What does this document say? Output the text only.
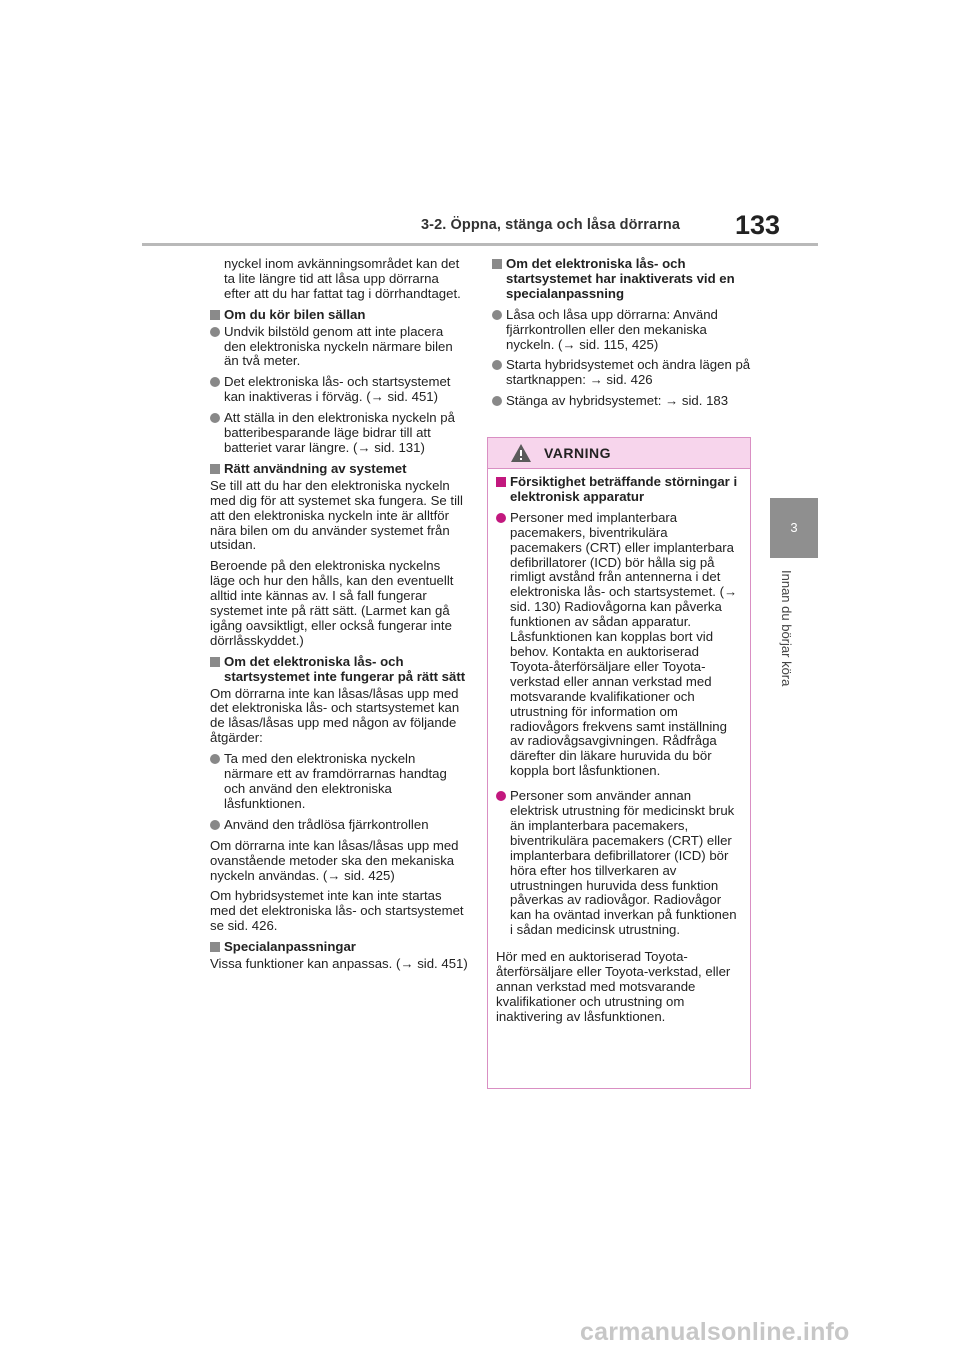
3-2. Öppna, stänga och låsa dörrarna 133
3
Innan du börjar köra

nyckel inom avkänningsområdet kan det ta lite längre tid att låsa upp dörrarna efter att du har fattat tag i dörrhandtaget.

Om du kör bilen sällan
Undvik bilstöld genom att inte placera den elektroniska nyckeln närmare bilen än två meter.
Det elektroniska lås- och startsystemet kan inaktiveras i förväg. (→ sid. 451)
Att ställa in den elektroniska nyckeln på batteribesparande läge bidrar till att batteriet varar längre. (→ sid. 131)
Rätt användning av systemet

Se till att du har den elektroniska nyckeln med dig för att systemet ska fungera. Se till att den elektroniska nyckeln inte är alltför nära bilen om du använder systemet från utsidan.

Beroende på den elektroniska nyckelns läge och hur den hålls, kan den eventuellt alltid inte kännas av. I så fall fungerar systemet inte på rätt sätt. (Larmet kan gå igång oavsiktligt, eller också fungerar inte dörrlåsskyddet.)

Om det elektroniska lås- och startsystemet inte fungerar på rätt sätt

Om dörrarna inte kan låsas/låsas upp med det elektroniska lås- och startsystemet kan de låsas/låsas upp med någon av följande åtgärder:

Ta med den elektroniska nyckeln närmare ett av framdörrarnas handtag och använd den elektroniska låsfunktionen.
Använd den trådlösa fjärrkontrollen

Om dörrarna inte kan låsas/låsas upp med ovanstående metoder ska den mekaniska nyckeln användas. (→ sid. 425)

Om hybridsystemet inte kan inte startas med det elektroniska lås- och startsystemet se sid. 426.

Specialanpassningar

Vissa funktioner kan anpassas. (→ sid. 451)

Om det elektroniska lås- och startsystemet har inaktiverats vid en specialanpassning
Låsa och låsa upp dörrarna: Använd fjärrkontrollen eller den mekaniska nyckeln. (→ sid. 115, 425)
Starta hybridsystemet och ändra lägen på startknappen: → sid. 426
Stänga av hybridsystemet: → sid. 183
VARNING
Försiktighet beträffande störningar i elektronisk apparatur
Personer med implanterbara pacemakers, biventrikulära pacemakers (CRT) eller implanterbara defibrillatorer (ICD) bör hålla sig på rimligt avstånd från antennerna i det elektroniska lås- och startsystemet. (→ sid. 130) Radiovågorna kan påverka funktionen av sådan apparatur. Låsfunktionen kan kopplas bort vid behov. Kontakta en auktoriserad Toyota-återförsäljare eller Toyota-verkstad eller annan verkstad med motsvarande kvalifikationer och utrustning för information om radiovågors frekvens samt inställning av radiovågsavgivningen. Rådfråga därefter din läkare huruvida du bör koppla bort låsfunktionen.
Personer som använder annan elektrisk utrustning för medicinskt bruk än implanterbara pacemakers, biventrikulära pacemakers (CRT) eller implanterbara defibrillatorer (ICD) bör höra efter hos tillverkaren av utrustningen huruvida dess funktion påverkas av radiovågor. Radiovågor kan ha oväntad inverkan på funktionen i sådan medicinsk utrustning.

Hör med en auktoriserad Toyota-återförsäljare eller Toyota-verkstad, eller annan verkstad med motsvarande kvalifikationer och utrustning om inaktivering av låsfunktionen.

carmanualsonline.info
